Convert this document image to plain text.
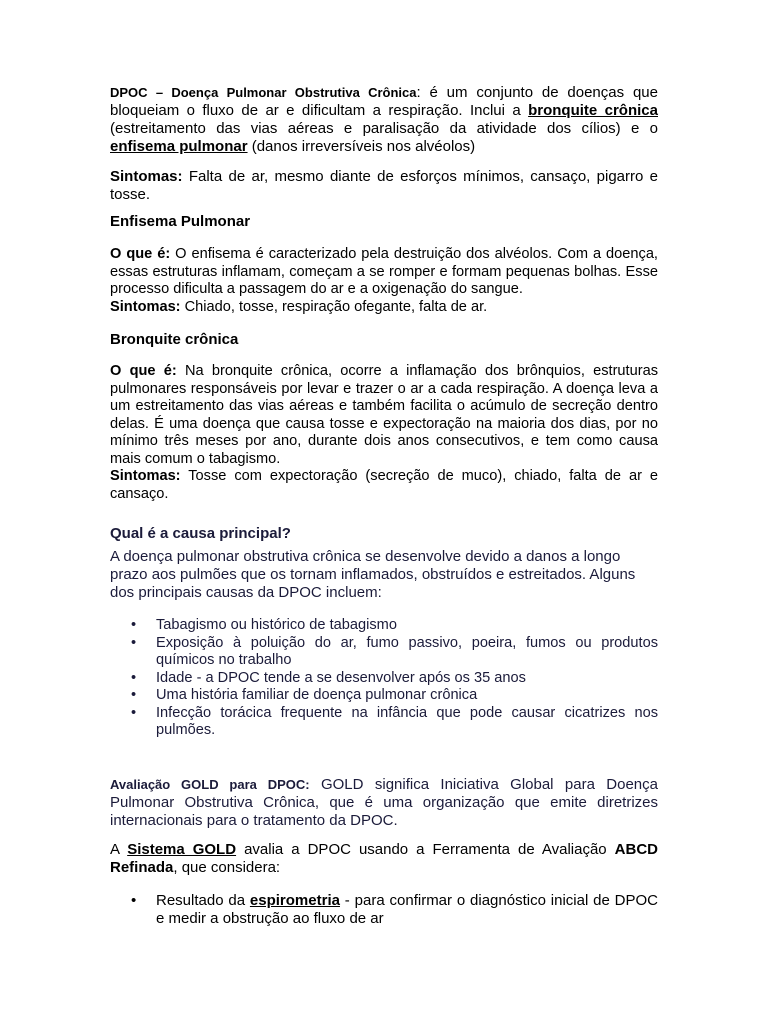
DPOC – Doença Pulmonar Obstrutiva Crônica: é um conjunto de doenças que bloqueiam o fluxo de ar e dificultam a respiração. Inclui a bronquite crônica (estreitamento das vias aéreas e paralisação da atividade dos cílios) e o enfisema pulmonar (danos irreversíveis nos alvéolos)

Sintomas: Falta de ar, mesmo diante de esforços mínimos, cansaço, pigarro e tosse.

Enfisema Pulmonar

O que é: O enfisema é caracterizado pela destruição dos alvéolos. Com a doença, essas estruturas inflamam, começam a se romper e formam pequenas bolhas. Esse processo dificulta a passagem do ar e a oxigenação do sangue.

Sintomas: Chiado, tosse, respiração ofegante, falta de ar.

Bronquite crônica

O que é: Na bronquite crônica, ocorre a inflamação dos brônquios, estruturas pulmonares responsáveis por levar e trazer o ar a cada respiração. A doença leva a um estreitamento das vias aéreas e também facilita o acúmulo de secreção dentro delas. É uma doença que causa tosse e expectoração na maioria dos dias, por no mínimo três meses por ano, durante dois anos consecutivos, e tem como causa mais comum o tabagismo.

Sintomas: Tosse com expectoração (secreção de muco), chiado, falta de ar e cansaço.

Qual é a causa principal?

A doença pulmonar obstrutiva crônica se desenvolve devido a danos a longo prazo aos pulmões que os tornam inflamados, obstruídos e estreitados. Alguns dos principais causas da DPOC incluem:

• Tabagismo ou histórico de tabagismo
• Exposição à poluição do ar, fumo passivo, poeira, fumos ou produtos químicos no trabalho
• Idade - a DPOC tende a se desenvolver após os 35 anos
• Uma história familiar de doença pulmonar crônica
• Infecção torácica frequente na infância que pode causar cicatrizes nos pulmões.

Avaliação GOLD para DPOC: GOLD significa Iniciativa Global para Doença Pulmonar Obstrutiva Crônica, que é uma organização que emite diretrizes internacionais para o tratamento da DPOC.

A Sistema GOLD avalia a DPOC usando a Ferramenta de Avaliação ABCD Refinada, que considera:

• Resultado da espirometria - para confirmar o diagnóstico inicial de DPOC e medir a obstrução ao fluxo de ar
